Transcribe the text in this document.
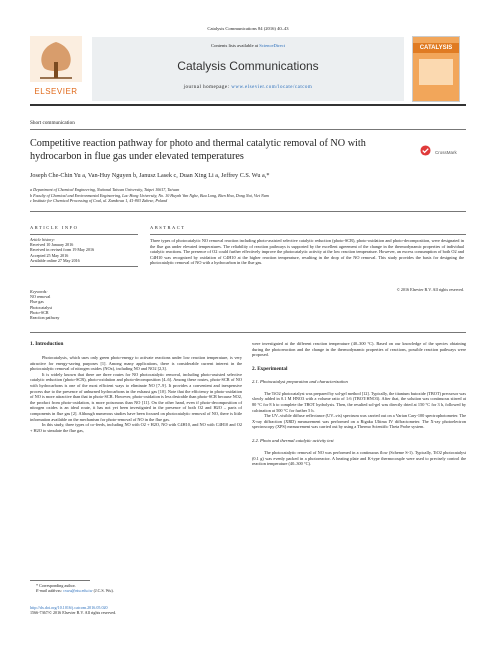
Catalysis Communications 84 (2016) 40–43
ELSEVIER
Contents lists available at ScienceDirect
Catalysis Communications
journal homepage: www.elsevier.com/locate/catcom
CATALYSIS
Short communication
Competitive reaction pathway for photo and thermal catalytic removal of NO with hydrocarbon in flue gas under elevated temperatures	CrossMark
Joseph Che-Chin Yu a, Van-Huy Nguyen b, Janusz Lasek c, Duan Xing Li a, Jeffrey C.S. Wu a,*
a Department of Chemical Engineering, National Taiwan University, Taipei 10617, Taiwan
b Faculty of Chemical and Environmental Engineering, Lac Hong University, No. 10 Huynh Van Nghe, Buu Long, Bien Hoa, Dong Nai, Viet Nam
c Institute for Chemical Processing of Coal, ul. Zamkowa 1, 41-803 Zabrze, Poland
ARTICLE INFO
Article history:
Received 10 January 2016
Received in revised form 19 May 2016
Accepted 25 May 2016
Available online 27 May 2016
Keywords:
NO removal
Flue gas
Photocatalyst
Photo-SCR
Reaction pathway
ABSTRACT
Three types of photocatalytic NO removal reaction including photo-assisted selective catalytic reduction (photo-SCR), photo-oxidation and photo-decomposition, were designated in the flue gas under elevated temperatures. The reliability of reaction pathways is supported by the excellent agreement of the change in the thermodynamic properties of individual catalytic reactions. The presence of O2 could further effectively improve the photocatalytic activity at the low reaction temperature. However, an excess consumption of both O2 and C4H10 was recognized by oxidation of C4H10 at the higher reaction temperature, resulting in the drop of the NO removal. This study provides the basis for designing the photocatalytic removal of NO with a hydrocarbon in the flue gas.
© 2016 Elsevier B.V. All rights reserved.
1. Introduction

Photocatalysis, which uses only green photo-energy to activate reactions under low reaction temperature, is very attractive for energy-saving purposes [1]. Among many applications, there is considerable current interest in the photocatalytic removal of nitrogen oxides (NOx), including NO and NO2 [2,3].

It is widely known that there are three routes for NO photocatalytic removal, including photo-assisted selective catalytic reduction (photo-SCR), photo-oxidation and photo-decomposition [4–6]. Among these routes, photo-SCR of NO with hydrocarbons is one of the most efficient ways to eliminate NO [7–9]. It provides a convenient and inexpensive process due to the presence of unburned hydrocarbons in the exhaust gas [10]. Note that the efficiency in photo-oxidation of NO is more attractive than that in photo-SCR. However, photo-oxidation is less desirable than photo-SCR because NO2, the product from photo-oxidation, is more poisonous than NO [11]. On the other hand, even if photo-decomposition of nitrogen oxides is an ideal route, it has not yet been investigated in the presence of both O2 and H2O – parts of components in flue gas [2]. Although numerous studies have been focused on photocatalytic removal of NO, there is little information available on the mechanism for photo-removal of NO in the flue gas.

In this study, three types of co-feeds, including NO with O2 + H2O, NO with C4H10, and NO with C4H10 and O2 + H2O to simulate the flue gas,

were investigated at the different reaction temperature (40–300 °C). Based on our knowledge of the species obtaining during the photoreaction and the change in the thermodynamic properties of reactions, possible reaction pathways were proposed.

2. Experimental
2.1. Photocatalyst preparation and characterization

The TiO2 photocatalyst was prepared by sol-gel method [12]. Typically, the titanium butoxide (TBOT) precursor was slowly added in 0.1 M HNO3 with a volume ratio of 1:6 (TBOT:HNO3). After that, the solution was continuous stirred at 80 °C for 8 h to complete the TBOT hydrolysis. Then, the resulted sol-gel was directly dried at 150 °C for 3 h, followed by calcination at 500 °C for further 5 h.

The UV–visible diffuse reflectance (UV–vis) spectrum was carried out on a Varian Cary-100 spectrophotometer. The X-ray diffraction (XRD) measurement was performed on a Rigaku Ultima IV diffractometer. The X-ray photoelectron spectroscopy (XPS) measurement was carried out by using a Thermo Scientific Theta Probe system.

2.2. Photo and thermal catalytic activity test

The photocatalytic removal of NO was performed in a continuous flow (Scheme S-1). Typically, TiO2 photocatalyst (0.1 g) was evenly packed in a photoreactor. A heating plate and K-type thermocouple were used to precisely control the reaction temperature (40–300 °C).

* Corresponding author.
E-mail address: cswu@ntu.edu.tw (J.C.S. Wu).
http://dx.doi.org/10.1016/j.catcom.2016.05.020
1566-7367/© 2016 Elsevier B.V. All rights reserved.
